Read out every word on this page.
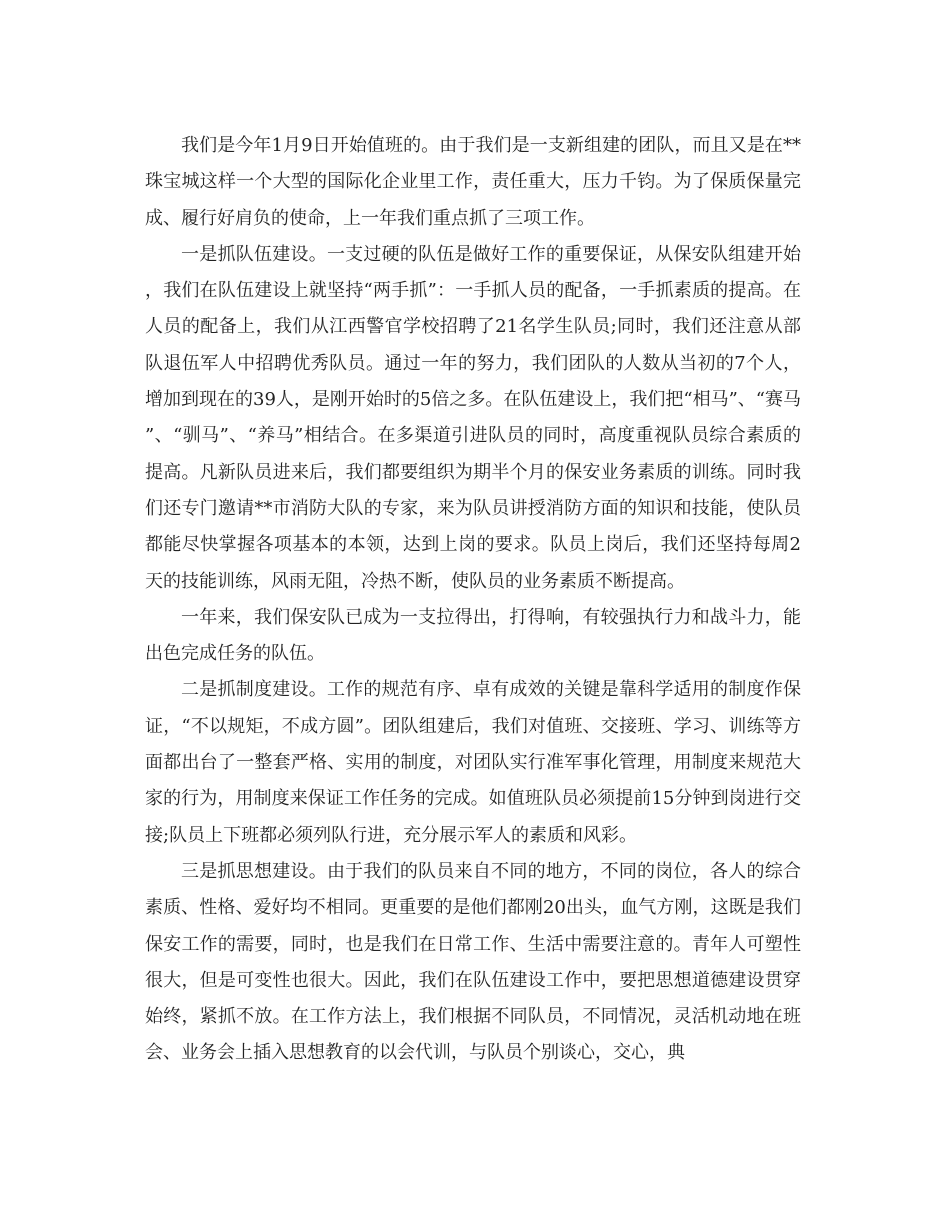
我们是今年1月9日开始值班的。由于我们是一支新组建的团队，而且又是在**珠宝城这样一个大型的国际化企业里工作，责任重大，压力千钧。为了保质保量完成、履行好肩负的使命，上一年我们重点抓了三项工作。

一是抓队伍建设。一支过硬的队伍是做好工作的重要保证，从保安队组建开始，我们在队伍建设上就坚持“两手抓”：一手抓人员的配备，一手抓素质的提高。在人员的配备上，我们从江西警官学校招聘了21名学生队员;同时，我们还注意从部队退伍军人中招聘优秀队员。通过一年的努力，我们团队的人数从当初的7个人，增加到现在的39人，是刚开始时的5倍之多。在队伍建设上，我们把“相马”、“赛马”、“驯马”、“养马”相结合。在多渠道引进队员的同时，高度重视队员综合素质的提高。凡新队员进来后，我们都要组织为期半个月的保安业务素质的训练。同时我们还专门邀请**市消防大队的专家，来为队员讲授消防方面的知识和技能，使队员都能尽快掌握各项基本的本领，达到上岗的要求。队员上岗后，我们还坚持每周2天的技能训练，风雨无阻，冷热不断，使队员的业务素质不断提高。

一年来，我们保安队已成为一支拉得出，打得响，有较强执行力和战斗力，能出色完成任务的队伍。

二是抓制度建设。工作的规范有序、卓有成效的关键是靠科学适用的制度作保证，“不以规矩，不成方圆”。团队组建后，我们对值班、交接班、学习、训练等方面都出台了一整套严格、实用的制度，对团队实行准军事化管理，用制度来规范大家的行为，用制度来保证工作任务的完成。如值班队员必须提前15分钟到岗进行交接;队员上下班都必须列队行进，充分展示军人的素质和风彩。

三是抓思想建设。由于我们的队员来自不同的地方，不同的岗位，各人的综合素质、性格、爱好均不相同。更重要的是他们都刚20出头，血气方刚，这既是我们保安工作的需要，同时，也是我们在日常工作、生活中需要注意的。青年人可塑性很大，但是可变性也很大。因此，我们在队伍建设工作中，要把思想道德建设贯穿始终，紧抓不放。在工作方法上，我们根据不同队员，不同情况，灵活机动地在班会、业务会上插入思想教育的以会代训，与队员个别谈心，交心，典
